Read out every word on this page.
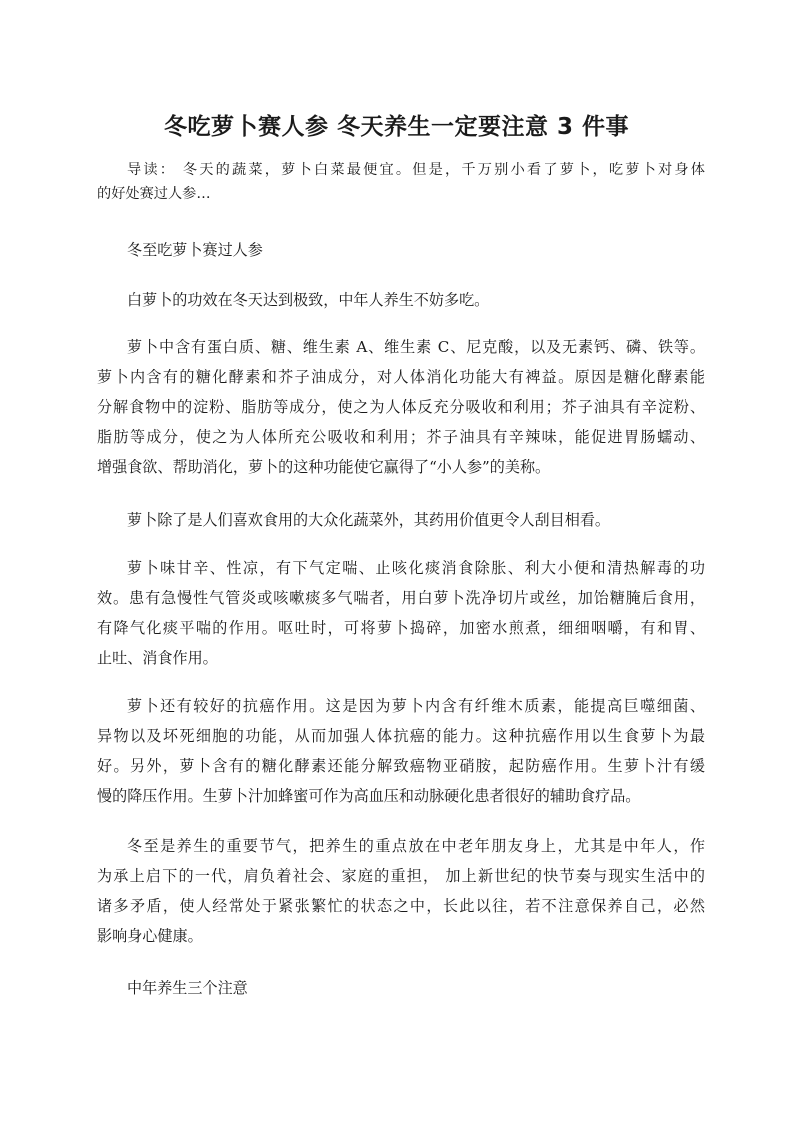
冬吃萝卜赛人参 冬天养生一定要注意 3 件事
导读： 冬天的蔬菜，萝卜白菜最便宜。但是，千万别小看了萝卜，吃萝卜对身体
的好处赛过人参…
冬至吃萝卜赛过人参
白萝卜的功效在冬天达到极致，中年人养生不妨多吃。
萝卜中含有蛋白质、糖、维生素 A、维生素 C、尼克酸，以及无素钙、磷、铁等。
萝卜内含有的糖化酵素和芥子油成分，对人体消化功能大有裨益。原因是糖化酵素能
分解食物中的淀粉、脂肪等成分，使之为人体反充分吸收和利用；芥子油具有辛淀粉、
脂肪等成分，使之为人体所充公吸收和利用；芥子油具有辛辣味，能促进胃肠蠕动、
增强食欲、帮助消化，萝卜的这种功能使它赢得了“小人参”的美称。
萝卜除了是人们喜欢食用的大众化蔬菜外，其药用价值更令人刮目相看。
萝卜味甘辛、性凉，有下气定喘、止咳化痰消食除胀、利大小便和清热解毒的功
效。患有急慢性气管炎或咳嗽痰多气喘者，用白萝卜洗净切片或丝，加饴糖腌后食用，
有降气化痰平喘的作用。呕吐时，可将萝卜捣碎，加密水煎煮，细细咽嚼，有和胃、
止吐、消食作用。
萝卜还有较好的抗癌作用。这是因为萝卜内含有纤维木质素，能提高巨噬细菌、
异物以及坏死细胞的功能，从而加强人体抗癌的能力。这种抗癌作用以生食萝卜为最
好。另外，萝卜含有的糖化酵素还能分解致癌物亚硝胺，起防癌作用。生萝卜汁有缓
慢的降压作用。生萝卜汁加蜂蜜可作为高血压和动脉硬化患者很好的辅助食疗品。
冬至是养生的重要节气，把养生的重点放在中老年朋友身上，尤其是中年人，作
为承上启下的一代，肩负着社会、家庭的重担， 加上新世纪的快节奏与现实生活中的
诸多矛盾，使人经常处于紧张繁忙的状态之中，长此以往，若不注意保养自己，必然
影响身心健康。
中年养生三个注意
